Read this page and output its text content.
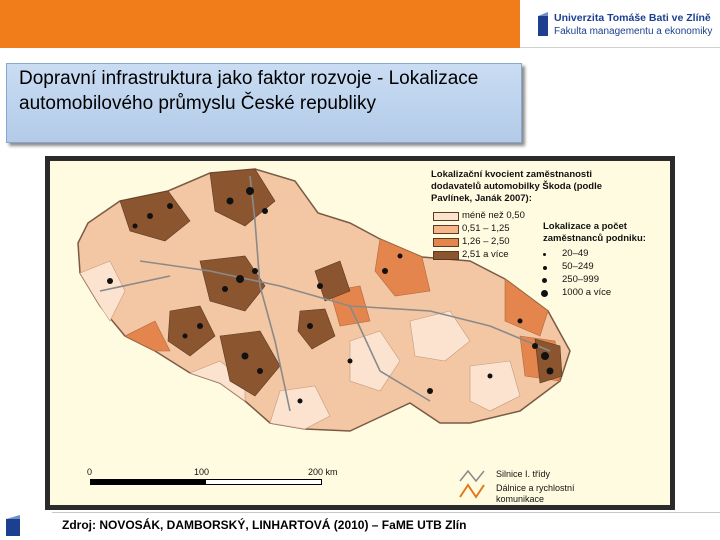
Univerzita Tomáše Bati ve Zlíně
Fakulta managementu a ekonomiky
Dopravní infrastruktura jako faktor rozvoje - Lokalizace automobilového průmyslu České republiky
Lokalizační kvocient zaměstnanosti dodavatelů automobilky Škoda (podle Pavlínek, Janák 2007):
méně než 0,50
0,51 – 1,25
1,26 – 2,50
2,51 a více
Lokalizace a počet zaměstnanců podniku:
20–49
50–249
250–999
1000 a více
0	100	200 km	Silnice I. třídy
Dálnice a rychlostní
komunikace
Zdroj: NOVOSÁK, DAMBORSKÝ, LINHARTOVÁ (2010) – FaME UTB Zlín
